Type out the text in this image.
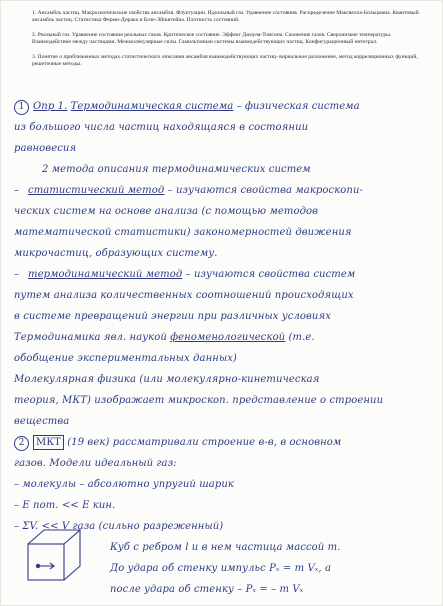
1. Ансамбль частиц. Макроскопические свойства ансамбля. Флуктуации. Идеальный газ. Уравнение состояния. Распределение Максвелла-Больцмана. Квантовый ансамбль частиц. Статистика Ферми-Дирака и Бозе-Эйнштейна. Плотность состояний.

2. Реальный газ. Уравнение состояния реальных газов. Критическое состояние. Эффект Джоуля-Томсона. Сжижение газов. Сверхнизкие температуры. Взаимодействие между частицами. Межмолекулярные силы. Гамильтониан системы взаимодействующих частиц. Конфигурационный интеграл.

3. Понятие о приближенных методах статистического описания ансамбля взаимодействующих частиц- вириальное разложение, метод корреляционных функций, решеточные методы.

1 Опр 1. Термодинамическая система – физическая система
из большого числа частиц находящаяся в состоянии
равновесия
2 метода описания термодинамических систем
– статистический метод – изучаются свойства макроскопи-
ческих систем на основе анализа (с помощью методов
математической статистики) закономерностей движения
микрочастиц, образующих систему.
– термодинамический метод – изучаются свойства систем
путем анализа количественных соотношений происходящих
в системе превращений энергии при различных условиях
Термодинамика явл. наукой феноменологической (т.е.
обобщение экспериментальных данных)
Молекулярная физика (или молекулярно-кинетическая
теория, МКТ) изображает микроскоп. представление о строении
вещества
2 МКТ (19 век) рассматривали строение в-в, в основном
газов. Модели идеальный газ:
– молекулы – абсолютно упругий шарик
– E пот. << E кин.
– ΣV. << V газа (сильно разреженный)
Куб с ребром l и в нем частица массой m.
До удара об стенку импульс Pₓ = m Vₓ, а
после удара об стенку – Pₓ = – m Vₓ
